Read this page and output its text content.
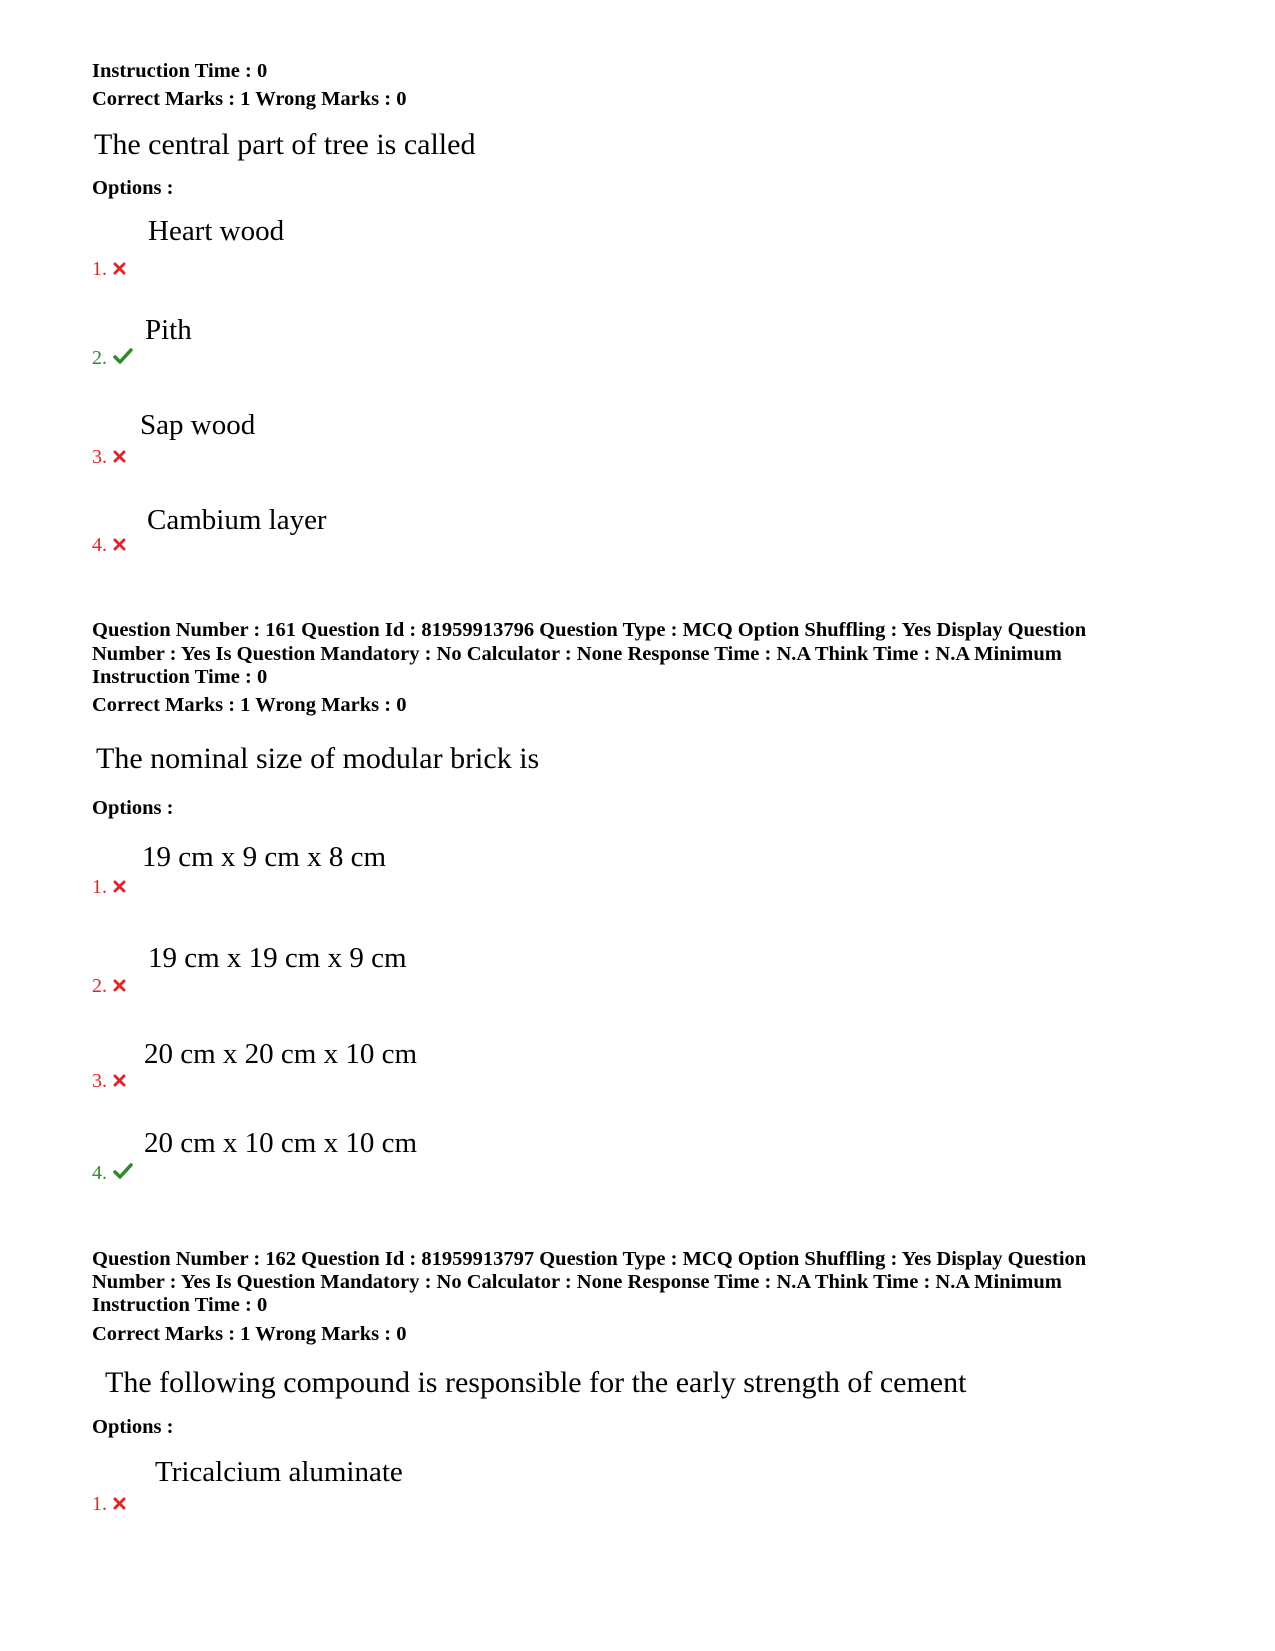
Instruction Time : 0
Correct Marks : 1 Wrong Marks : 0
The central part of tree is called
Options :
Heart wood
1.
Pith
2.
Sap wood
3.
Cambium layer
4.
Question Number : 161 Question Id : 81959913796 Question Type : MCQ Option Shuffling : Yes Display Question
Number : Yes Is Question Mandatory : No Calculator : None Response Time : N.A Think Time : N.A Minimum
Instruction Time : 0
Correct Marks : 1 Wrong Marks : 0
The nominal size of modular brick is
Options :
19 cm x 9 cm x 8 cm
1.
19 cm x 19 cm x 9 cm
2.
20 cm x 20 cm x 10 cm
3.
20 cm x 10 cm x 10 cm
4.
Question Number : 162 Question Id : 81959913797 Question Type : MCQ Option Shuffling : Yes Display Question
Number : Yes Is Question Mandatory : No Calculator : None Response Time : N.A Think Time : N.A Minimum
Instruction Time : 0
Correct Marks : 1 Wrong Marks : 0
The following compound is responsible for the early strength of cement
Options :
Tricalcium aluminate
1.
